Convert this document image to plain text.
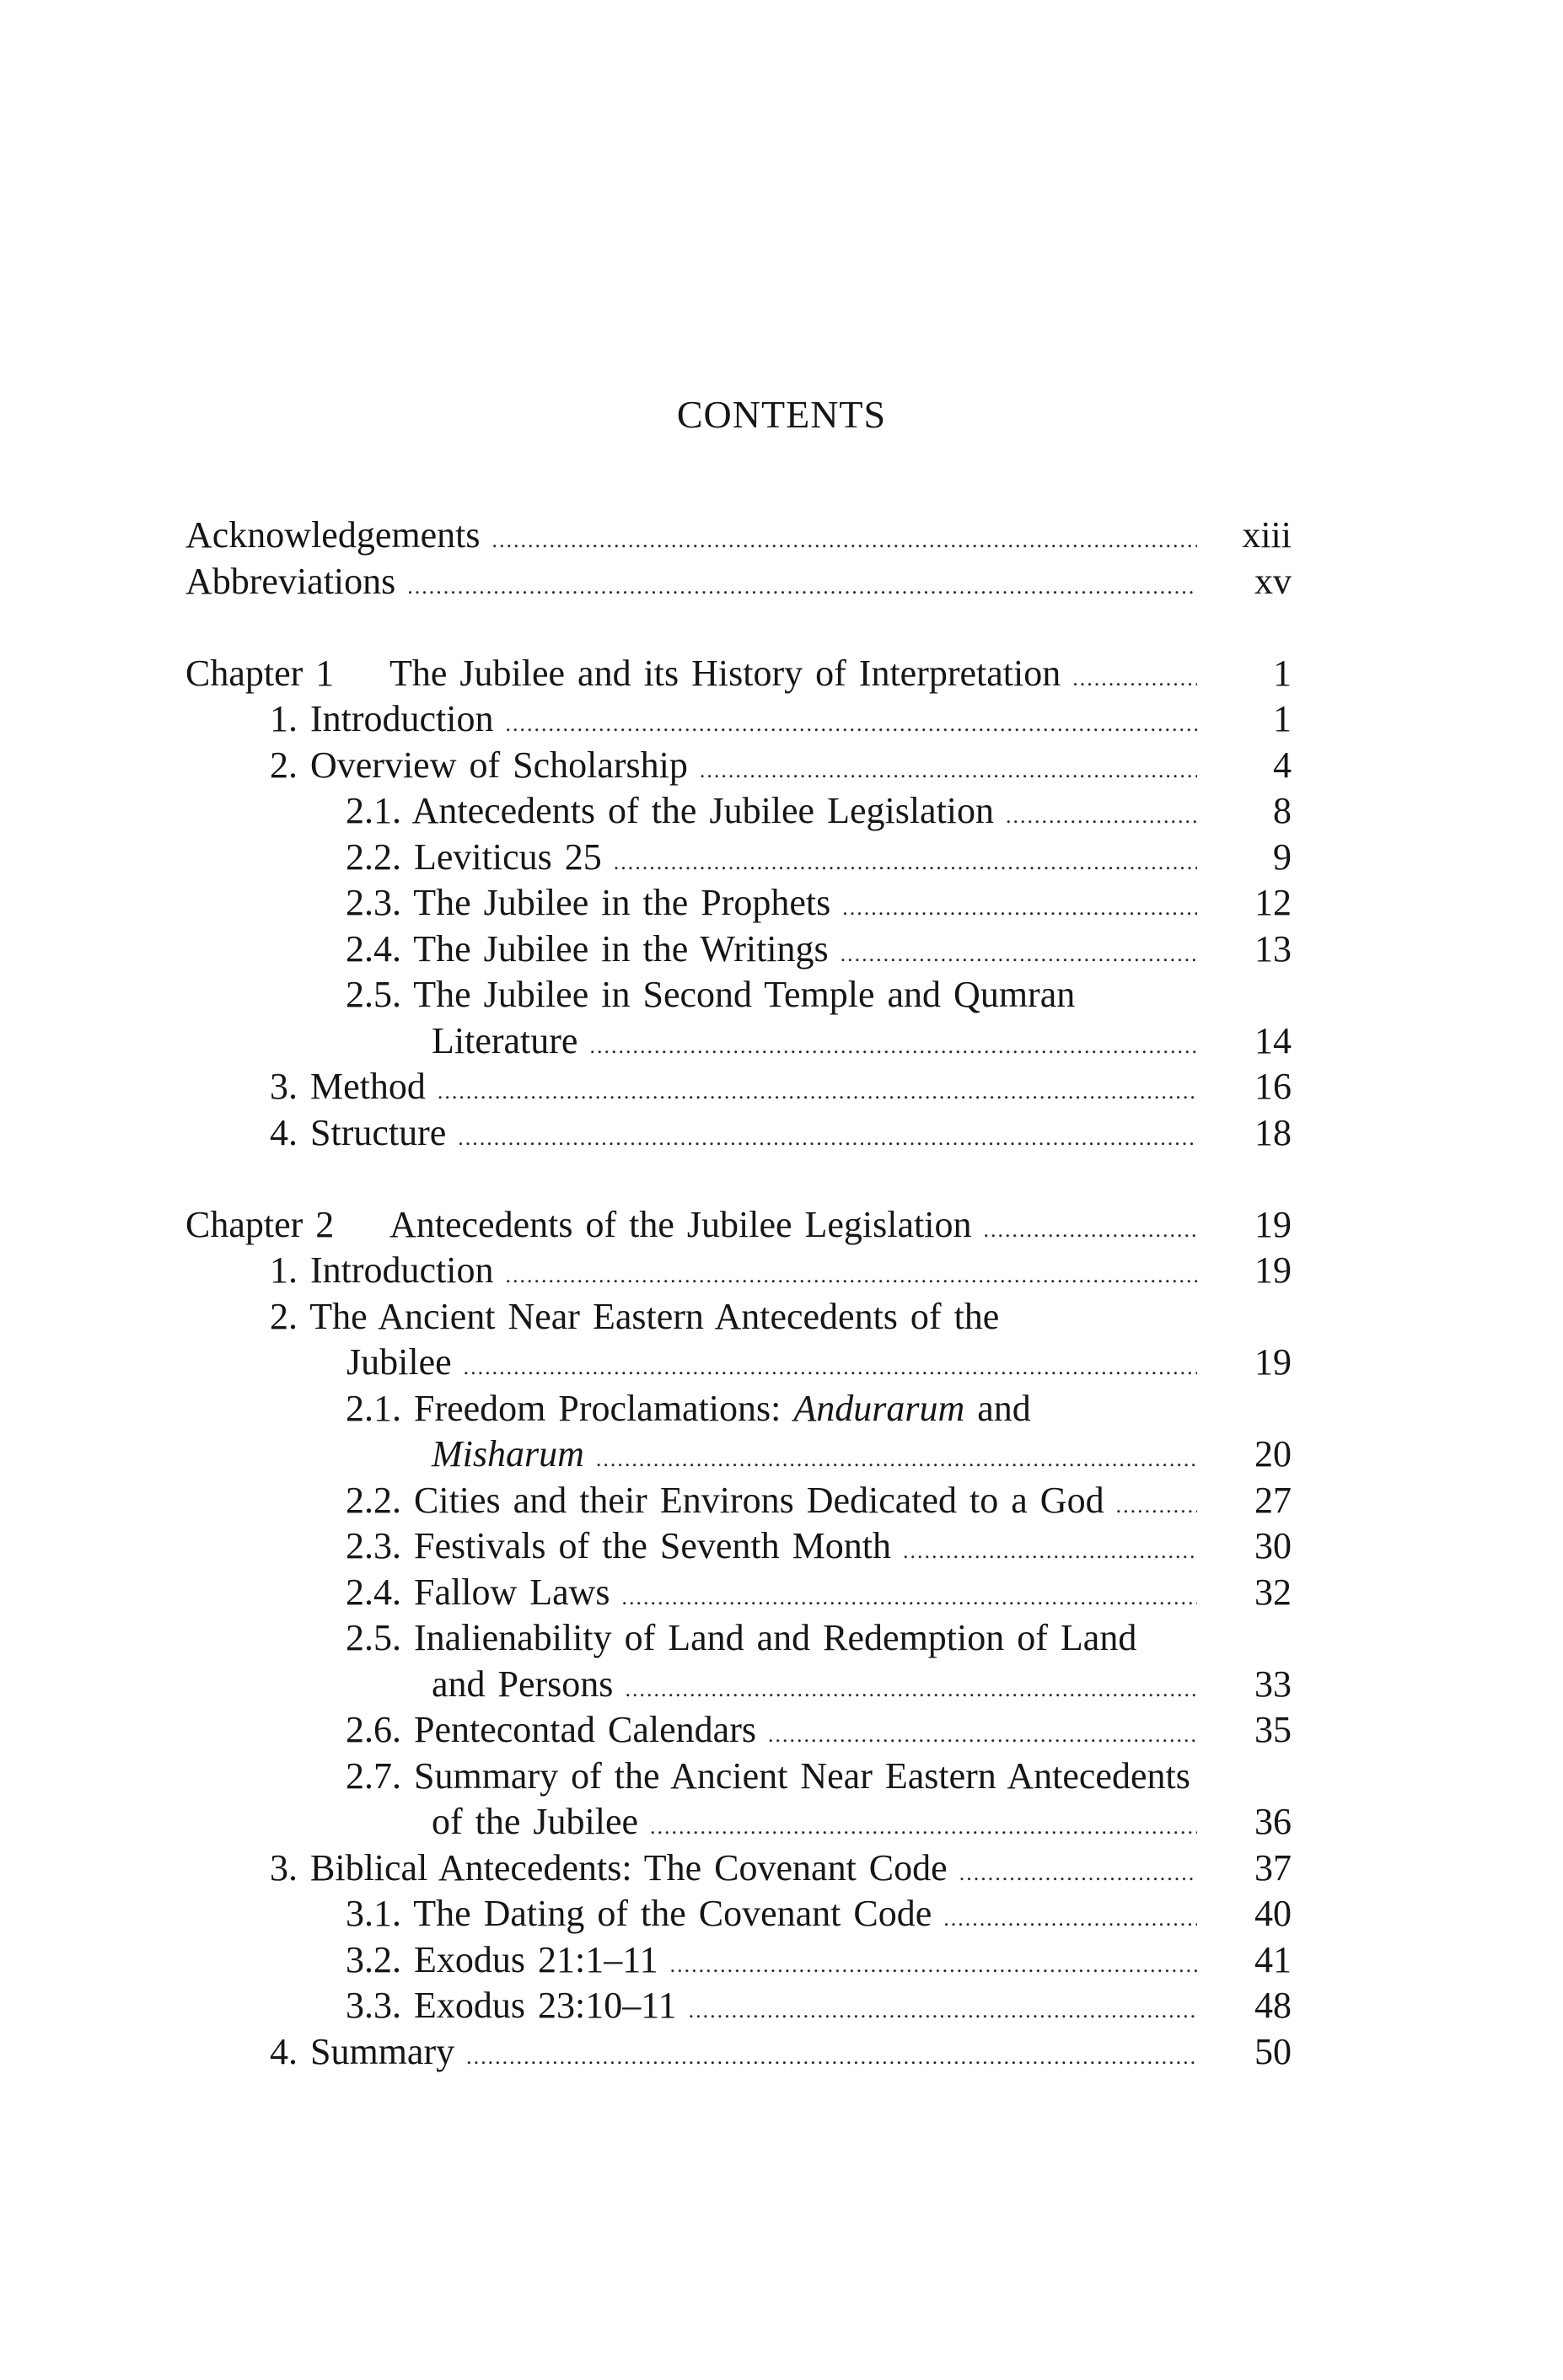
CONTENTS
Acknowledgements .....	xiii
Abbreviations .....	xv
Chapter 1 The Jubilee and its History of Interpretation .....	1
1. Introduction .....	1
2. Overview of Scholarship .....	4
2.1. Antecedents of the Jubilee Legislation .....	8
2.2. Leviticus 25 .....	9
2.3. The Jubilee in the Prophets .....	12
2.4. The Jubilee in the Writings .....	13
2.5. The Jubilee in Second Temple and Qumran
Literature .....	14
3. Method .....	16
4. Structure .....	18
Chapter 2 Antecedents of the Jubilee Legislation .....	19
1. Introduction .....	19
2. The Ancient Near Eastern Antecedents of the
Jubilee .....	19
2.1. Freedom Proclamations: Andurarum and
Misharum .....	20
2.2. Cities and their Environs Dedicated to a God .....	27
2.3. Festivals of the Seventh Month .....	30
2.4. Fallow Laws .....	32
2.5. Inalienability of Land and Redemption of Land
and Persons .....	33
2.6. Pentecontad Calendars .....	35
2.7. Summary of the Ancient Near Eastern Antecedents
of the Jubilee .....	36
3. Biblical Antecedents: The Covenant Code .....	37
3.1. The Dating of the Covenant Code .....	40
3.2. Exodus 21:1–11 .....	41
3.3. Exodus 23:10–11 .....	48
4. Summary .....	50
